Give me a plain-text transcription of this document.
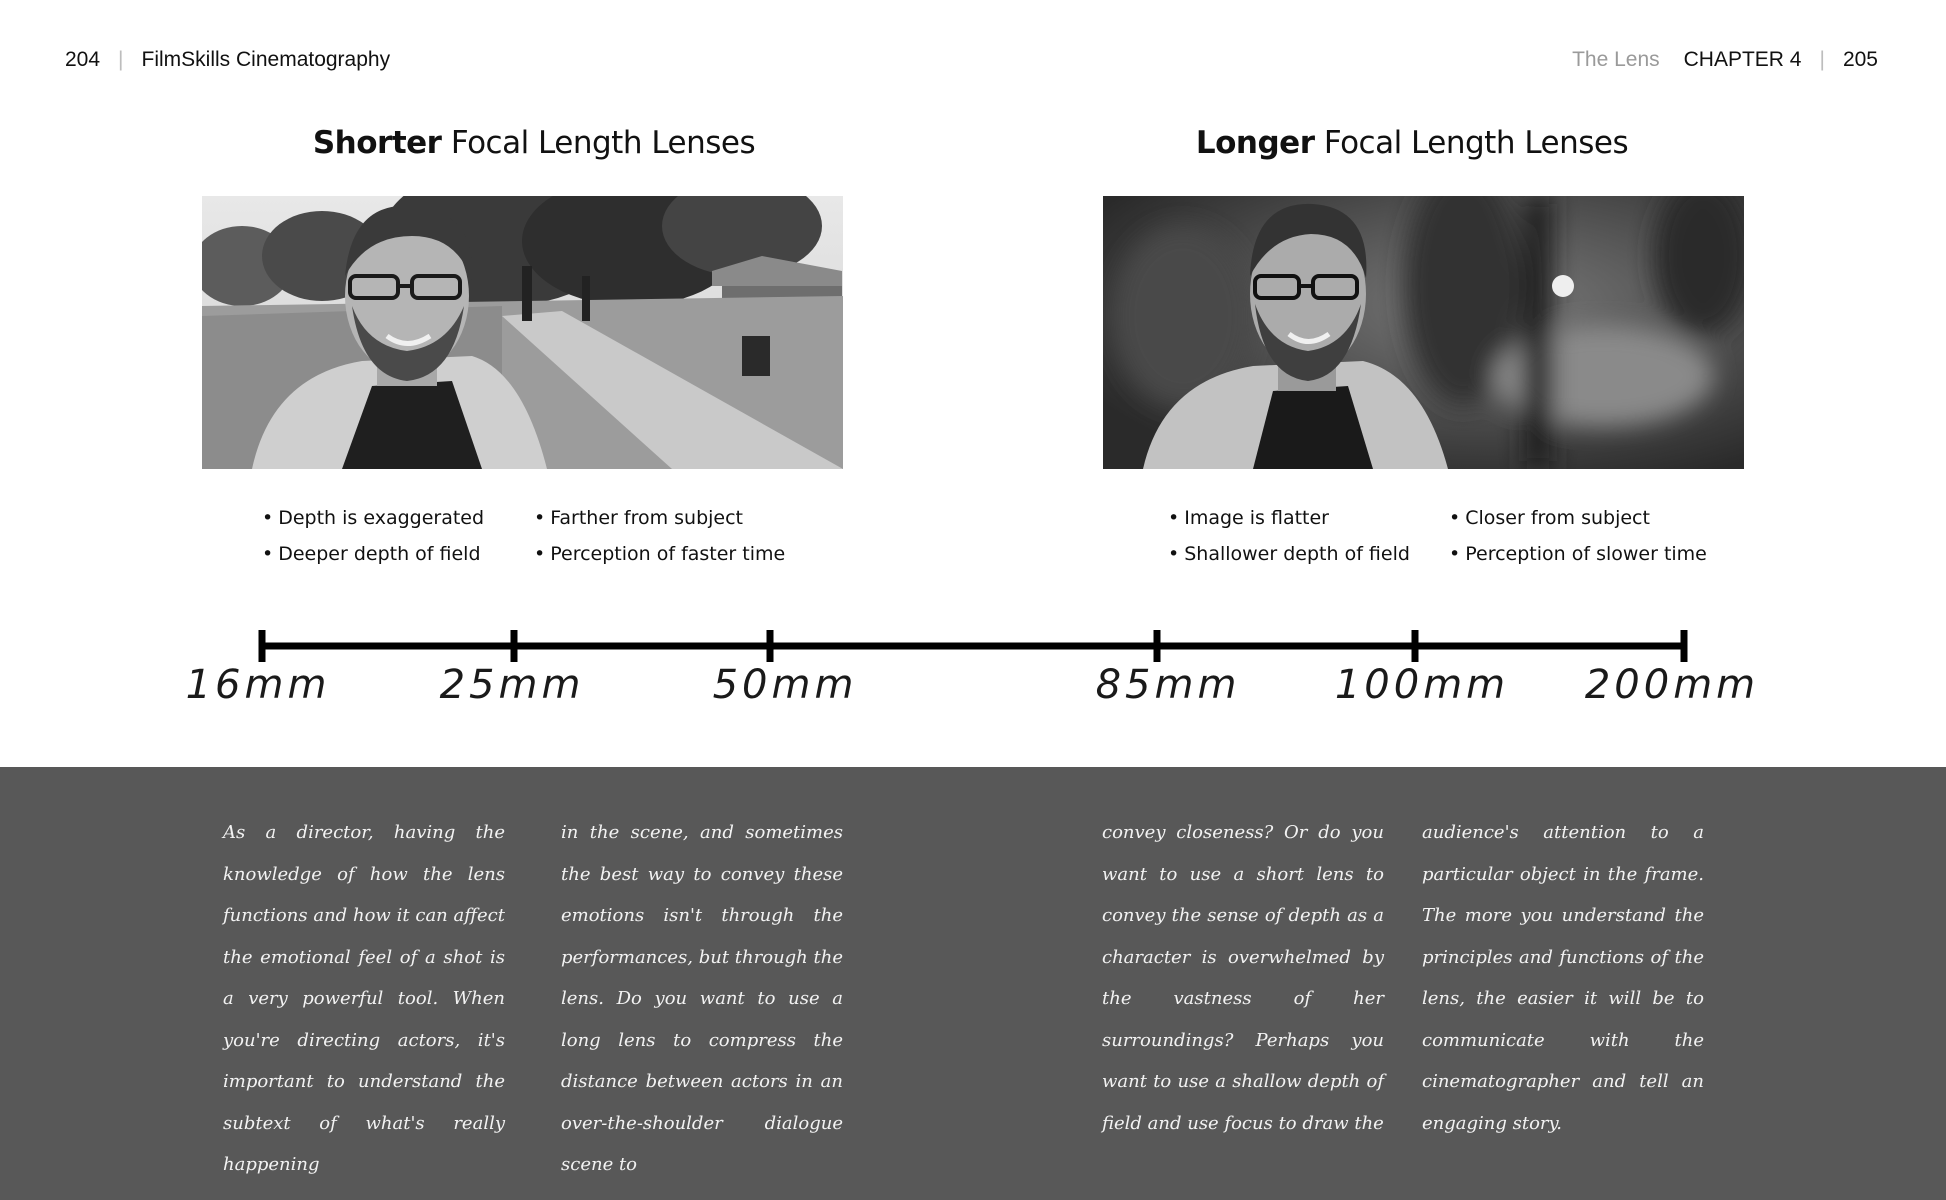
204 | FilmSkills Cinematography	The Lens CHAPTER 4 | 205
Shorter Focal Length Lenses	Longer Focal Length Lenses
• Depth is exaggerated
• Deeper depth of field
• Farther from subject
• Perception of faster time
• Image is flatter
• Shallower depth of field
• Closer from subject
• Perception of slower time
16mm	25mm	50mm	85mm 100mm 200mm
As a director, having the knowledge of how the lens functions and how it can affect the emotional feel of a shot is a very powerful tool. When you're directing actors, it's important to understand the subtext of what's really happening
in the scene, and sometimes the best way to convey these emotions isn't through the performances, but through the lens. Do you want to use a long lens to compress the distance between actors in an over-the-shoulder dialogue scene to
convey closeness? Or do you want to use a short lens to convey the sense of depth as a character is overwhelmed by the vastness of her surroundings? Perhaps you want to use a shallow depth of field and use focus to draw the
audience's attention to a particular object in the frame. The more you understand the principles and functions of the lens, the easier it will be to communicate with the cinematographer and tell an engaging story.
